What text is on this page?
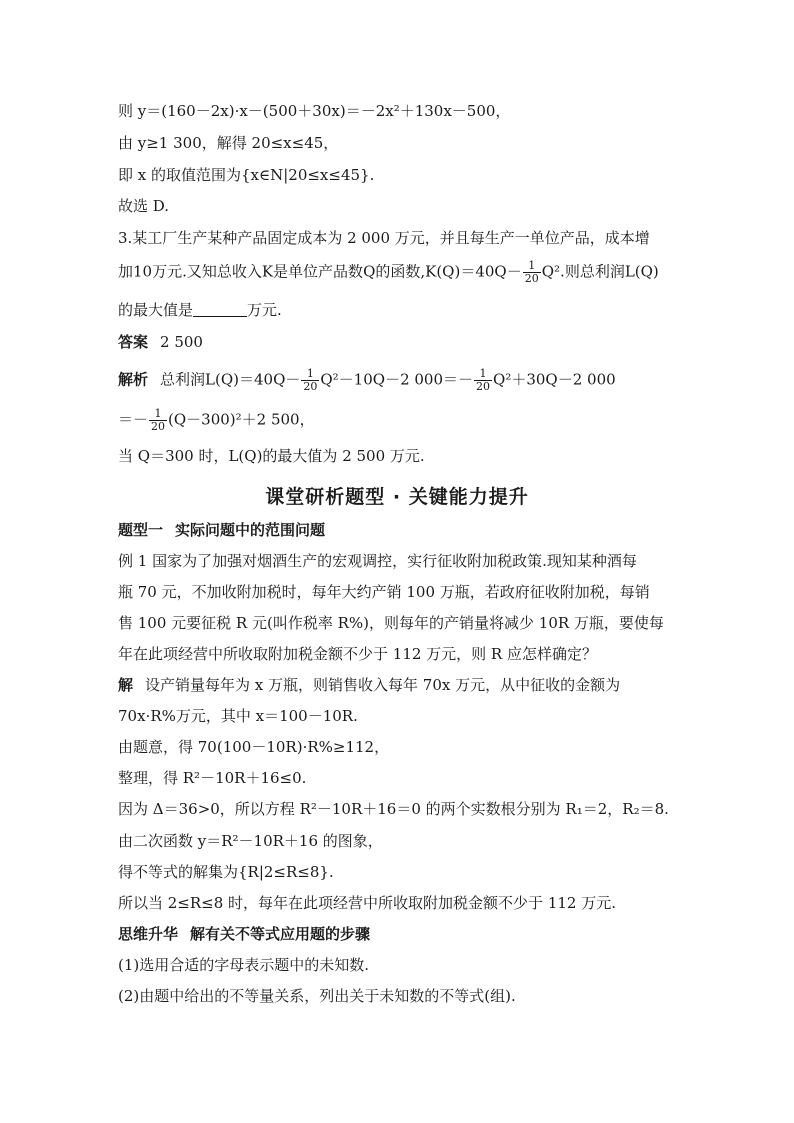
则 y＝(160－2x)·x－(500＋30x)＝－2x²＋130x－500，
由 y≥1 300，解得 20≤x≤45，
即 x 的取值范围为{x∈N|20≤x≤45}.
故选 D.
3.某工厂生产某种产品固定成本为 2 000 万元，并且每生产一单位产品，成本增
加10万元.又知总收入K是单位产品数Q的函数$,K(Q)=40Q- \frac{1}{20} Q^2$.则总利润L(Q)
的最大值是	万元.
答案 2 500
解析 总利润$L(Q)=40Q- \frac{1}{20} Q^2-10Q-2$ $000=- \frac{1}{20} Q^2+30Q-2$ 000
＝－ $\frac{1}{20} (Q-300)^2+2$ 500，
当 Q＝300 时，L(Q)的最大值为 2 500 万元.
课堂研析题型 · 关键能力提升
题型一 实际问题中的范围问题
例 1 国家为了加强对烟酒生产的宏观调控，实行征收附加税政策.现知某种酒每
瓶 70 元，不加收附加税时，每年大约产销 100 万瓶，若政府征收附加税，每销
售 100 元要征税 R 元(叫作税率 R%)，则每年的产销量将减少 10R 万瓶，要使每
年在此项经营中所收取附加税金额不少于 112 万元，则 R 应怎样确定？
解 设产销量每年为 x 万瓶，则销售收入每年 70x 万元，从中征收的金额为
70x·R%万元，其中 x＝100－10R.
由题意，得 70(100－10R)·R%≥112，
整理，得 R²－10R＋16≤0.
因为 Δ＝36>0，所以方程 R²－10R＋16＝0 的两个实数根分别为 R₁＝2，R₂＝8.
由二次函数 y＝R²－10R＋16 的图象，
得不等式的解集为{R|2≤R≤8}.
所以当 2≤R≤8 时，每年在此项经营中所收取附加税金额不少于 112 万元.
思维升华 解有关不等式应用题的步骤
(1)选用合适的字母表示题中的未知数.
(2)由题中给出的不等量关系，列出关于未知数的不等式(组).
